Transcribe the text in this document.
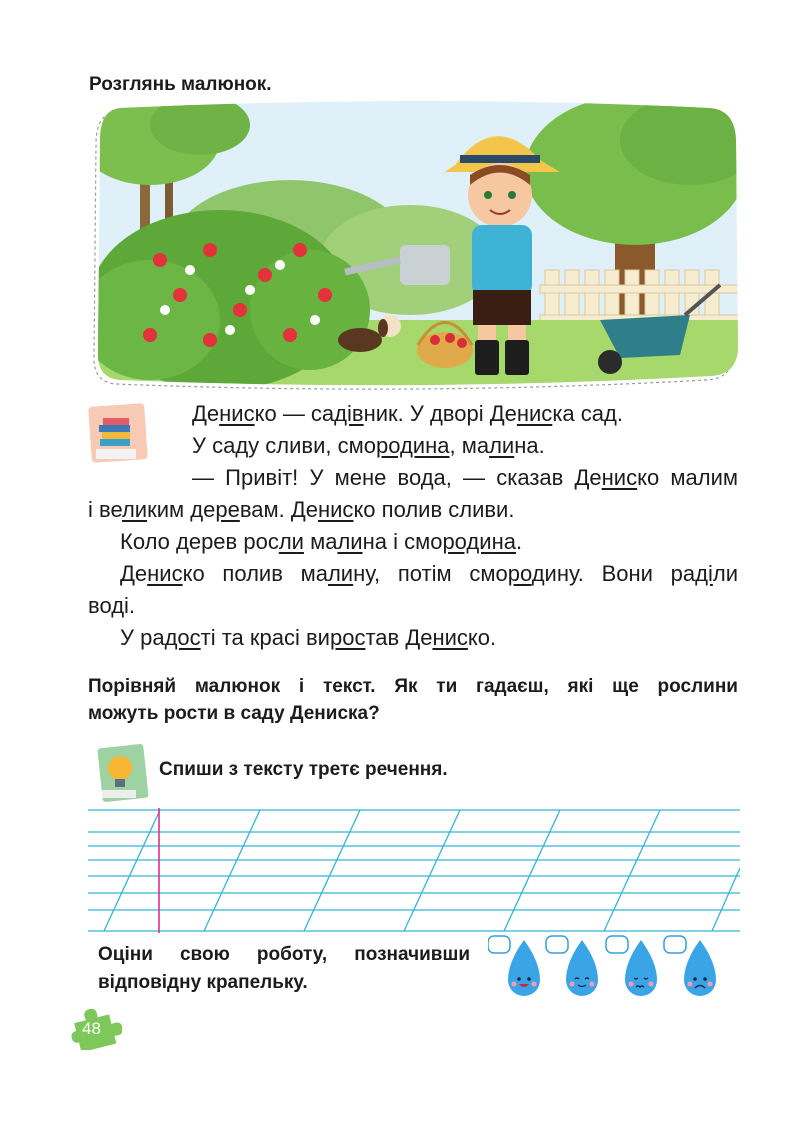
Розглянь малюнок.
Дениско — садівник. У дворі Дениска сад.
У саду сливи, смородина, малина.
— Привіт! У мене вода, — сказав Дениско малим
і великим деревам. Дениско полив сливи.
Коло дерев росли малина і смородина.
Дениско полив малину, потім смородину. Вони раділи
воді.
У радості та красі виростав Дениско.
Порівняй малюнок і текст. Як ти гадаєш, які ще рослини
можуть рости в саду Дениска?
Спиши з тексту третє речення.
Оціни свою роботу, позначивши
відповідну крапельку.
48
